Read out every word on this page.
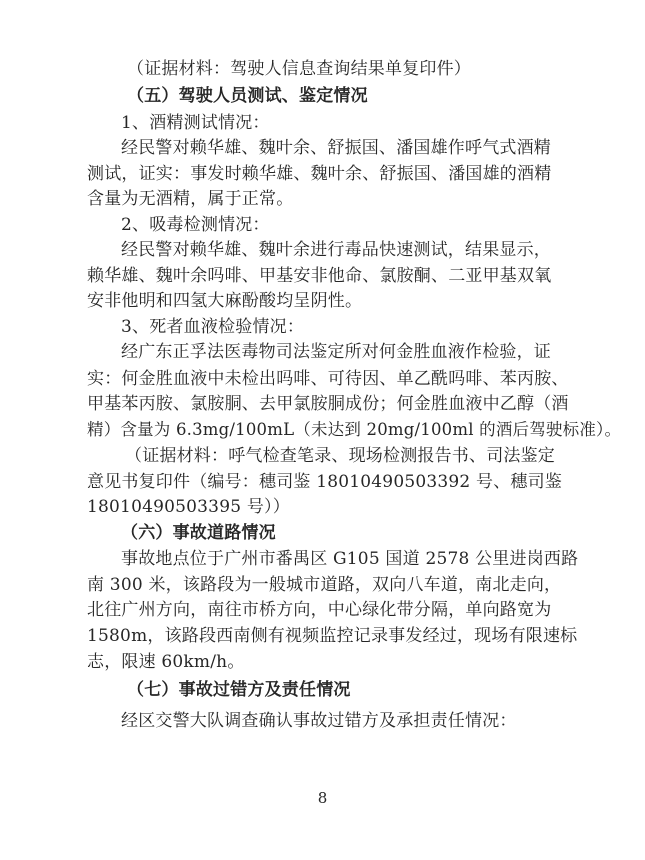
（证据材料：驾驶人信息查询结果单复印件）
（五）驾驶人员测试、鉴定情况
1、酒精测试情况：
经民警对赖华雄、魏叶余、舒振国、潘国雄作呼气式酒精
测试，证实：事发时赖华雄、魏叶余、舒振国、潘国雄的酒精
含量为无酒精，属于正常。
2、吸毒检测情况：
经民警对赖华雄、魏叶余进行毒品快速测试，结果显示，
赖华雄、魏叶余吗啡、甲基安非他命、氯胺酮、二亚甲基双氧
安非他明和四氢大麻酚酸均呈阴性。
3、死者血液检验情况：
经广东正孚法医毒物司法鉴定所对何金胜血液作检验，证
实：何金胜血液中未检出吗啡、可待因、单乙酰吗啡、苯丙胺、
甲基苯丙胺、氯胺胴、去甲氯胺胴成份；何金胜血液中乙醇（酒
精）含量为 6.3mg/100mL（未达到 20mg/100ml 的酒后驾驶标准）。
（证据材料：呼气检查笔录、现场检测报告书、司法鉴定
意见书复印件（编号：穗司鉴 18010490503392 号、穗司鉴
18010490503395 号））
（六）事故道路情况
事故地点位于广州市番禺区 G105 国道 2578 公里进岗西路
南 300 米，该路段为一般城市道路，双向八车道，南北走向，
北往广州方向，南往市桥方向，中心绿化带分隔，单向路宽为
1580m，该路段西南侧有视频监控记录事发经过，现场有限速标
志，限速 60km/h。
（七）事故过错方及责任情况
经区交警大队调查确认事故过错方及承担责任情况：
8
